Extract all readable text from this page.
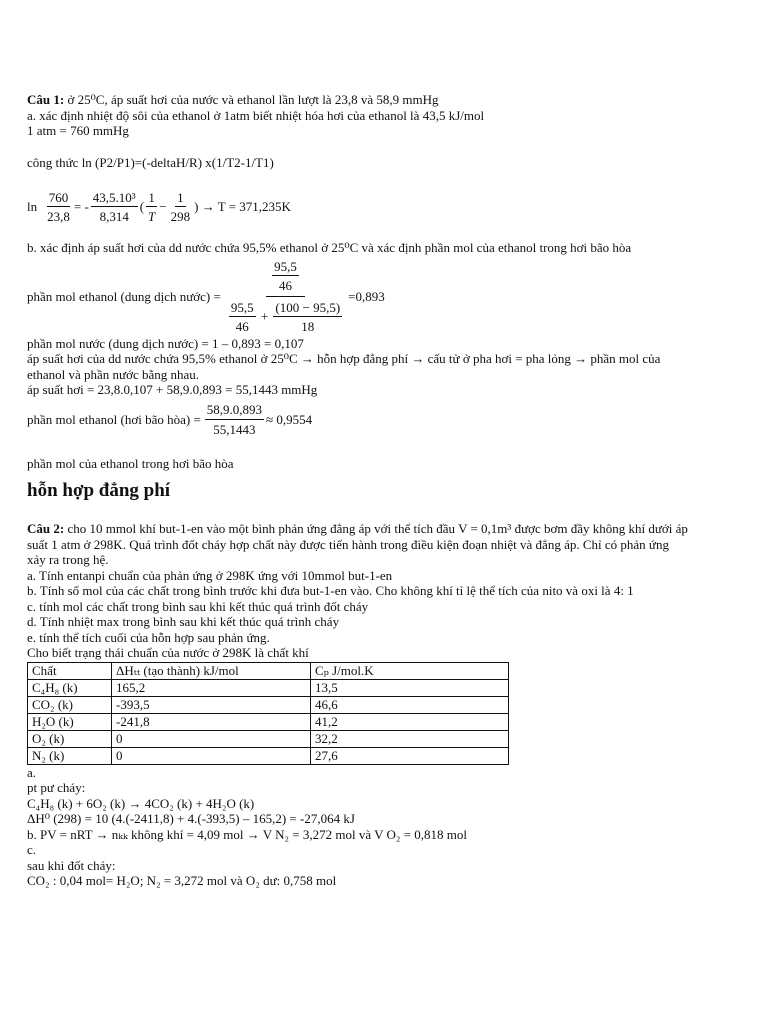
Câu 1: ở 25⁰C, áp suất hơi của nước và ethanol lần lượt là 23,8 và 58,9 mmHg
a. xác định nhiệt độ sôi của ethanol ở 1atm biết nhiệt hóa hơi của ethanol là 43,5 kJ/mol
1 atm = 760 mmHg
công thức ln (P2/P1)=(-deltaH/R) x(1/T2-1/T1)
$\ln \frac{760}{23,8}$ = - $\frac{\text{43,5.10³}}{8,314}$ ( $\frac{1}{T} - \frac{1}{298}$ ) → T = 371,235K
b. xác định áp suất hơi của dd nước chứa 95,5% ethanol ở 25⁰C và xác định phần mol của ethanol trong hơi bão hòa
phần mol ethanol (dung dịch nước) =
$\frac{95,5}{46}$
$\frac{95,5}{46} + \frac{(100 - 95,5)}{18}$
=0,893
phần mol nước (dung dịch nước) = 1 – 0,893 = 0,107
áp suất hơi của dd nước chứa 95,5% ethanol ở 25⁰C → hỗn hợp đẳng phí → cấu tử ở pha hơi = pha lỏng → phần mol của
ethanol và phần nước bằng nhau.
áp suất hơi = 23,8.0,107 + 58,9.0,893 = 55,1443 mmHg
phần mol ethanol (hơi bão hòa) = $\frac{58,9.0,893}{55,1443} \approx 0,9554$
phần mol của ethanol trong hơi bão hòa
hỗn hợp đẳng phí
Câu 2: cho 10 mmol khí but-1-en vào một bình phản ứng đẳng áp với thể tích đầu V = 0,1m³ được bơm đầy không khí dưới áp
suất 1 atm ở 298K. Quá trình đốt cháy hợp chất này được tiến hành trong điều kiện đoạn nhiệt và đẳng áp. Chỉ có phản ứng
xảy ra trong hệ.
a. Tính entanpi chuẩn của phản ứng ở 298K ứng với 10mmol but-1-en
b. Tính số mol của các chất trong bình trước khi đưa but-1-en vào. Cho không khí tỉ lệ thể tích của nito và oxi là 4: 1
c. tính mol các chất trong bình sau khi kết thúc quá trình đốt cháy
d. Tính nhiệt max trong bình sau khi kết thúc quá trình cháy
e. tính thể tích cuối của hỗn hợp sau phản ứng.
Cho biết trạng thái chuẩn của nước ở 298K là chất khí
Chất	ΔHₜₜ (tạo thành) kJ/mol	Cₚ J/mol.K
C₄H₈ (k)	165,2	13,5
CO₂ (k)	-393,5	46,6
H₂O (k)	-241,8	41,2
O₂ (k)	0	32,2
N₂ (k)	0	27,6
a.
pt pư cháy:
C₄H₈ (k) + 6O₂ (k) → 4CO₂ (k) + 4H₂O (k)
ΔH⁰ (298) = 10 (4.(-2411,8) + 4.(-393,5) – 165,2) = -27,064 kJ
b. PV = nRT → nₖₖ không khí = 4,09 mol → V N₂ = 3,272 mol và V O₂ = 0,818 mol
c.
sau khi đốt cháy:
CO₂ : 0,04 mol= H₂O; N₂ = 3,272 mol và O₂ dư: 0,758 mol
